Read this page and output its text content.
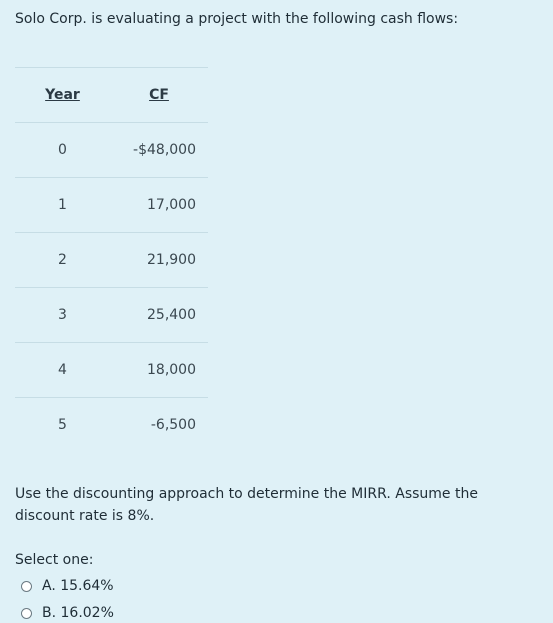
Solo Corp. is evaluating a project with the following cash flows:

Year	CF
0	-$48,000
1	17,000
2	21,900
3	25,400
4	18,000
5	-6,500

Use the discounting approach to determine the MIRR. Assume the discount rate is 8%.

Select one:

A. 15.64%
B. 16.02%
